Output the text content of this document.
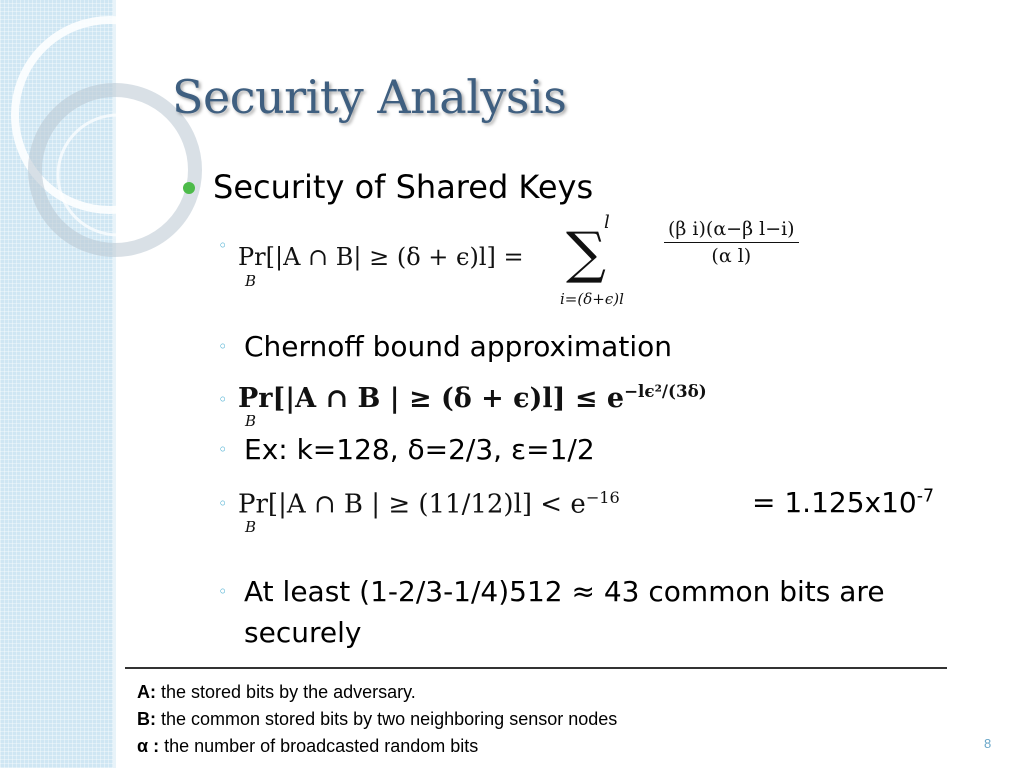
Security Analysis
Security of Shared Keys
◦ Pr[|A ∩ B| ≥ (δ + ϵ)l] =
B
l
∑
i=(δ+ϵ)l
$\frac{\text{(β i)(α−β l−i)}}{\text{(α l)}}$
◦ Chernoff bound approximation
◦ Pr[|A ∩ B | ≥ $(\delta + \epsilon)l] \le e^{-l\epsilon^2/(3\delta)}$
B
◦ Ex: k=128, δ=2/3, ε=1/2
◦ Pr[|A ∩ B | ≥ $(11/12)l] < e^{-16}$
B
= $1.125x10^{-7}$
◦ At least (1-2/3-1/4)512 ≈ 43 common bits are
securely
A: the stored bits by the adversary.
B: the common stored bits by two neighboring sensor nodes
α : the number of broadcasted random bits	8
